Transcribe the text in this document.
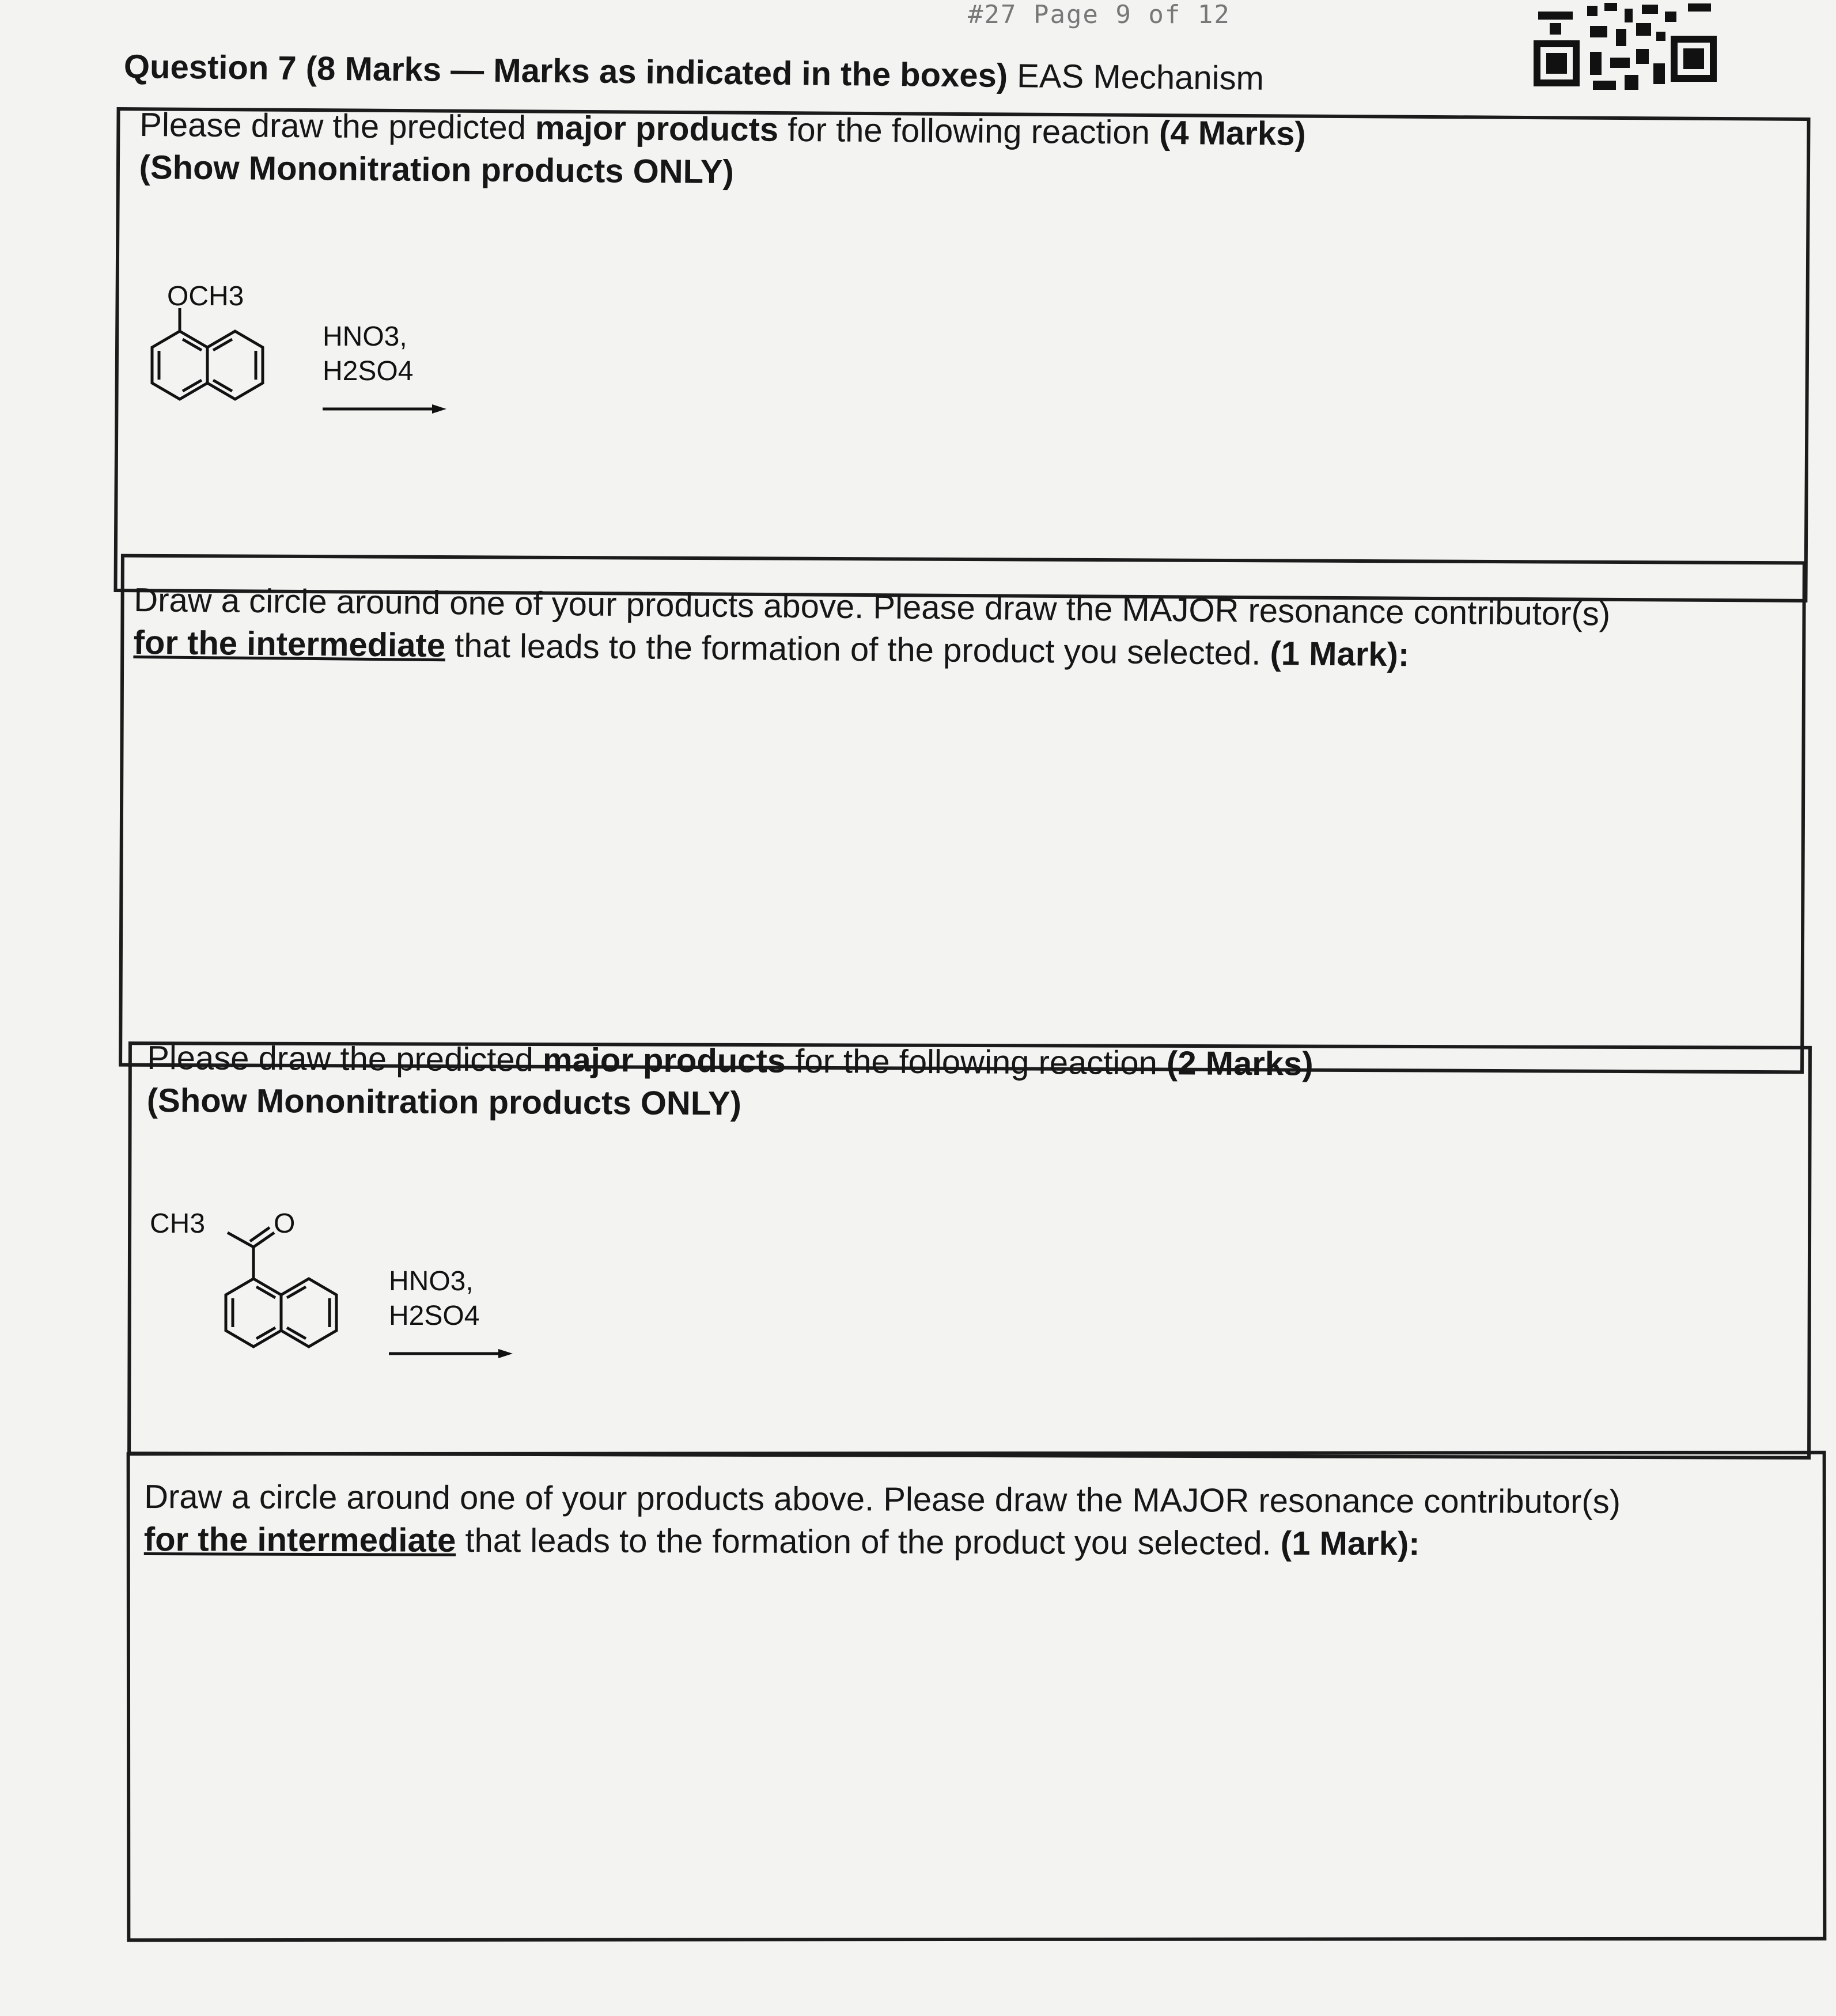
#27 Page 9 of 12
Question 7 (8 Marks — Marks as indicated in the boxes) EAS Mechanism
Please draw the predicted major products for the following reaction (4 Marks)
(Show Mononitration products ONLY)
OCH3
HNO3,
H2SO4
Draw a circle around one of your products above. Please draw the MAJOR resonance contributor(s)
for the intermediate that leads to the formation of the product you selected. (1 Mark):
Please draw the predicted major products for the following reaction (2 Marks)
(Show Mononitration products ONLY)
CH3 O
HNO3,
H2SO4
Draw a circle around one of your products above. Please draw the MAJOR resonance contributor(s)
for the intermediate that leads to the formation of the product you selected. (1 Mark):
